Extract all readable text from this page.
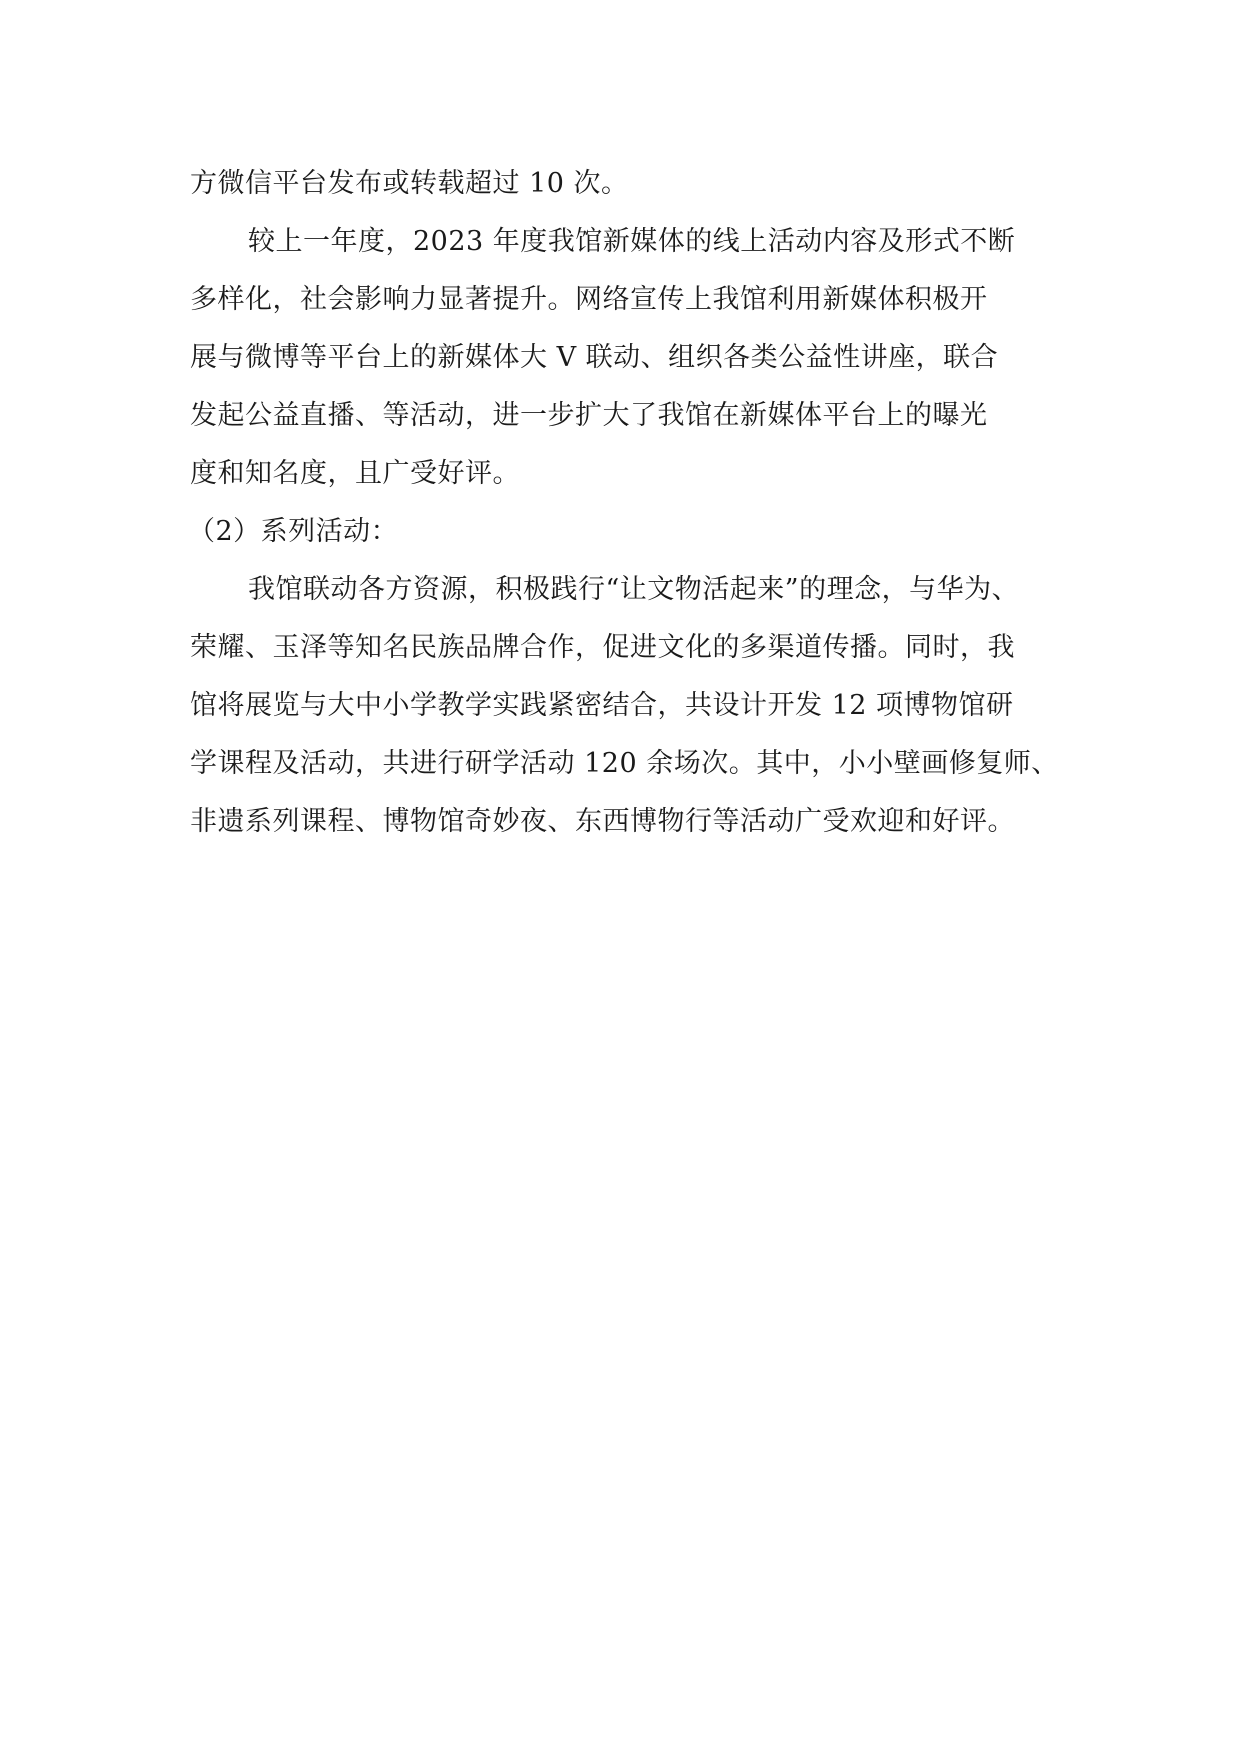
方微信平台发布或转载超过 10 次。
较上一年度，2023 年度我馆新媒体的线上活动内容及形式不断
多样化，社会影响力显著提升。网络宣传上我馆利用新媒体积极开
展与微博等平台上的新媒体大 V 联动、组织各类公益性讲座，联合
发起公益直播、等活动，进一步扩大了我馆在新媒体平台上的曝光
度和知名度，且广受好评。
（2）系列活动：
我馆联动各方资源，积极践行“让文物活起来”的理念，与华为、
荣耀、玉泽等知名民族品牌合作，促进文化的多渠道传播。同时，我
馆将展览与大中小学教学实践紧密结合，共设计开发 12 项博物馆研
学课程及活动，共进行研学活动 120 余场次。其中，小小壁画修复师、
非遗系列课程、博物馆奇妙夜、东西博物行等活动广受欢迎和好评。
